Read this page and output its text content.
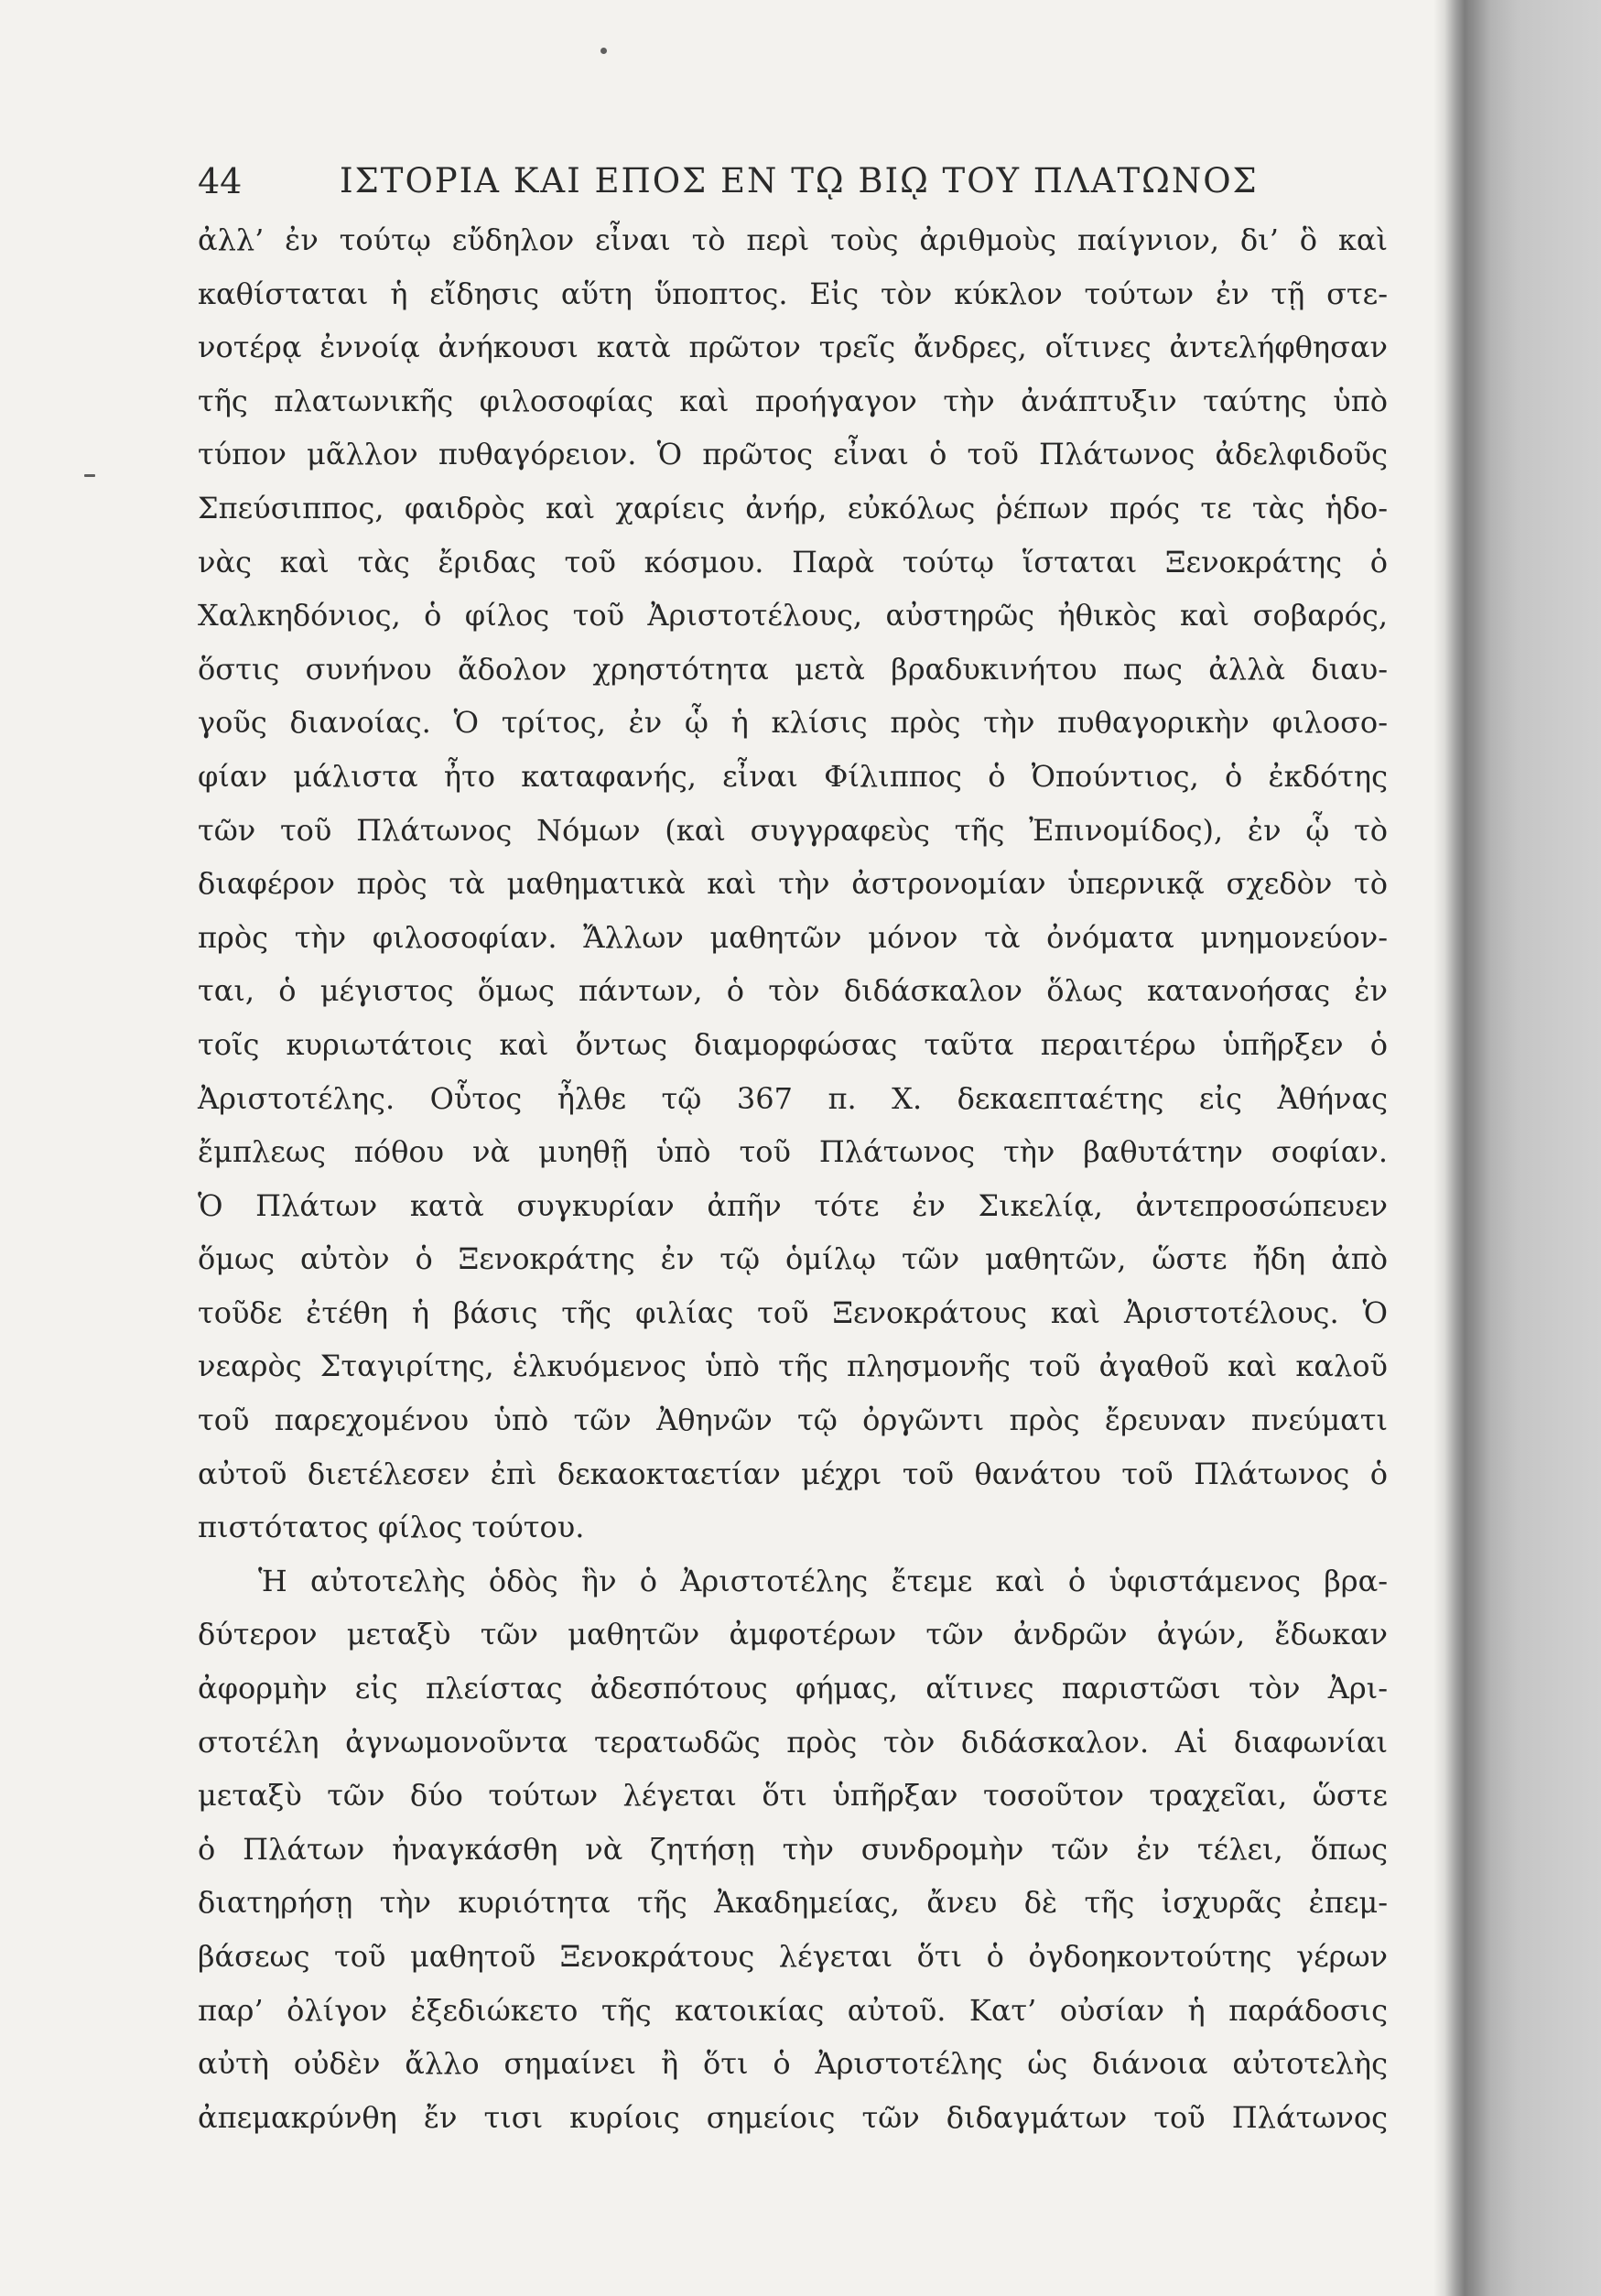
44	ΙΣΤΟΡΙΑ ΚΑΙ ΕΠΟΣ ΕΝ Τῼ ΒΙῼ ΤΟΥ ΠΛΑΤΩΝΟΣ
ἀλλ’ ἐν τούτῳ εὔδηλον εἶναι τὸ περὶ τοὺς ἀριθμοὺς παίγνιον, δι’ ὃ καὶ
καθίσταται ἡ εἴδησις αὕτη ὕποπτος. Εἰς τὸν κύκλον τούτων ἐν τῇ στε-
νοτέρᾳ ἐννοίᾳ ἀνήκουσι κατὰ πρῶτον τρεῖς ἄνδρες, οἵτινες ἀντελήφθησαν
τῆς πλατωνικῆς φιλοσοφίας καὶ προήγαγον τὴν ἀνάπτυξιν ταύτης ὑπὸ
τύπον μᾶλλον πυθαγόρειον. Ὁ πρῶτος εἶναι ὁ τοῦ Πλάτωνος ἀδελφιδοῦς
Σπεύσιππος, φαιδρὸς καὶ χαρίεις ἀνήρ, εὐκόλως ῥέπων πρός τε τὰς ἡδο-
νὰς καὶ τὰς ἔριδας τοῦ κόσμου. Παρὰ τούτῳ ἵσταται Ξενοκράτης ὁ
Χαλκηδόνιος, ὁ φίλος τοῦ Ἀριστοτέλους, αὐστηρῶς ἠθικὸς καὶ σοβαρός,
ὅστις συνήνου ἄδολον χρηστότητα μετὰ βραδυκινήτου πως ἀλλὰ διαυ-
γοῦς διανοίας. Ὁ τρίτος, ἐν ᾧ ἡ κλίσις πρὸς τὴν πυθαγορικὴν φιλοσο-
φίαν μάλιστα ἦτο καταφανής, εἶναι Φίλιππος ὁ Ὀπούντιος, ὁ ἐκδότης
τῶν τοῦ Πλάτωνος Νόμων (καὶ συγγραφεὺς τῆς Ἐπινομίδος), ἐν ᾧ τὸ
διαφέρον πρὸς τὰ μαθηματικὰ καὶ τὴν ἀστρονομίαν ὑπερνικᾷ σχεδὸν τὸ
πρὸς τὴν φιλοσοφίαν. Ἄλλων μαθητῶν μόνον τὰ ὀνόματα μνημονεύον-
ται, ὁ μέγιστος ὅμως πάντων, ὁ τὸν διδάσκαλον ὅλως κατανοήσας ἐν
τοῖς κυριωτάτοις καὶ ὄντως διαμορφώσας ταῦτα περαιτέρω ὑπῆρξεν ὁ
Ἀριστοτέλης. Οὗτος ἦλθε τῷ 367 π. Χ. δεκαεπταέτης εἰς Ἀθήνας
ἔμπλεως πόθου νὰ μυηθῇ ὑπὸ τοῦ Πλάτωνος τὴν βαθυτάτην σοφίαν.
Ὁ Πλάτων κατὰ συγκυρίαν ἀπῆν τότε ἐν Σικελίᾳ, ἀντεπροσώπευεν
ὅμως αὐτὸν ὁ Ξενοκράτης ἐν τῷ ὁμίλῳ τῶν μαθητῶν, ὥστε ἤδη ἀπὸ
τοῦδε ἐτέθη ἡ βάσις τῆς φιλίας τοῦ Ξενοκράτους καὶ Ἀριστοτέλους. Ὁ
νεαρὸς Σταγιρίτης, ἑλκυόμενος ὑπὸ τῆς πλησμονῆς τοῦ ἀγαθοῦ καὶ καλοῦ
τοῦ παρεχομένου ὑπὸ τῶν Ἀθηνῶν τῷ ὀργῶντι πρὸς ἔρευναν πνεύματι
αὐτοῦ διετέλεσεν ἐπὶ δεκαοκταετίαν μέχρι τοῦ θανάτου τοῦ Πλάτωνος ὁ
πιστότατος φίλος τούτου.
Ἡ αὐτοτελὴς ὁδὸς ἣν ὁ Ἀριστοτέλης ἔτεμε καὶ ὁ ὑφιστάμενος βρα-
δύτερον μεταξὺ τῶν μαθητῶν ἀμφοτέρων τῶν ἀνδρῶν ἀγών, ἔδωκαν
ἀφορμὴν εἰς πλείστας ἀδεσπότους φήμας, αἵτινες παριστῶσι τὸν Ἀρι-
στοτέλη ἀγνωμονοῦντα τερατωδῶς πρὸς τὸν διδάσκαλον. Αἱ διαφωνίαι
μεταξὺ τῶν δύο τούτων λέγεται ὅτι ὑπῆρξαν τοσοῦτον τραχεῖαι, ὥστε
ὁ Πλάτων ἠναγκάσθη νὰ ζητήσῃ τὴν συνδρομὴν τῶν ἐν τέλει, ὅπως
διατηρήσῃ τὴν κυριότητα τῆς Ἀκαδημείας, ἄνευ δὲ τῆς ἰσχυρᾶς ἐπεμ-
βάσεως τοῦ μαθητοῦ Ξενοκράτους λέγεται ὅτι ὁ ὀγδοηκοντούτης γέρων
παρ’ ὀλίγον ἐξεδιώκετο τῆς κατοικίας αὐτοῦ. Κατ’ οὐσίαν ἡ παράδοσις
αὐτὴ οὐδὲν ἄλλο σημαίνει ἢ ὅτι ὁ Ἀριστοτέλης ὡς διάνοια αὐτοτελὴς
ἀπεμακρύνθη ἔν τισι κυρίοις σημείοις τῶν διδαγμάτων τοῦ Πλάτωνος
